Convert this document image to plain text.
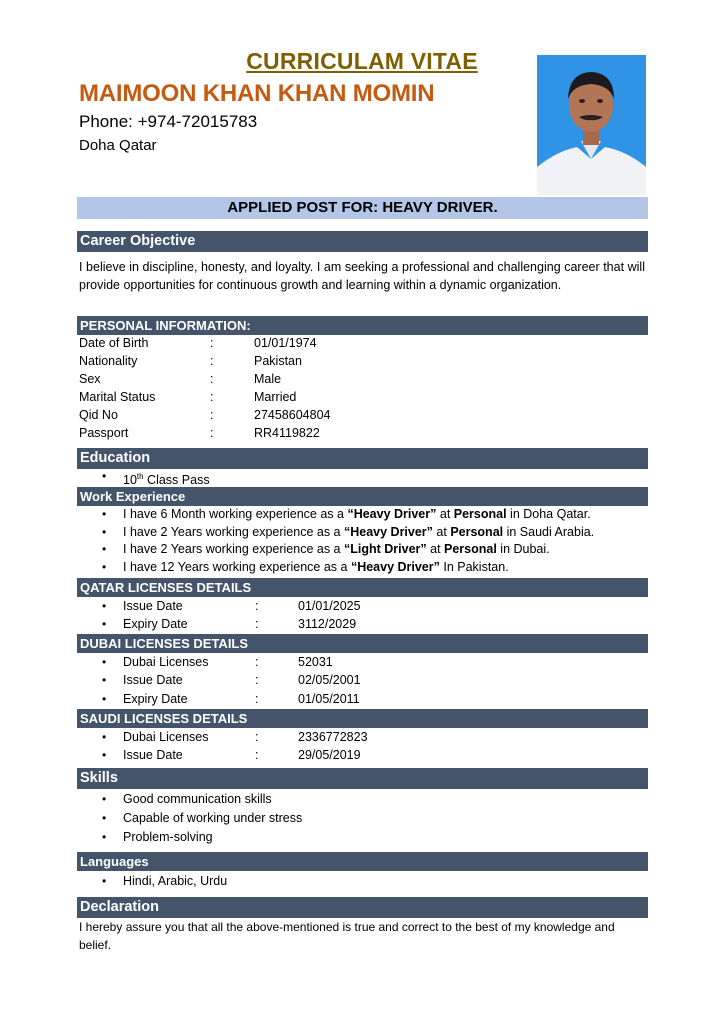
CURRICULAM VITAE
MAIMOON KHAN KHAN MOMIN
Phone: +974-72015783
Doha Qatar
APPLIED POST FOR: HEAVY DRIVER.
Career Objective
I believe in discipline, honesty, and loyalty. I am seeking a professional and challenging career that will provide opportunities for continuous growth and learning within a dynamic organization.
PERSONAL INFORMATION:
Date of Birth	:	01/01/1974
Nationality	:	Pakistan
Sex	:	Male
Marital Status	:	Married
Qid No	:	27458604804
Passport	:	RR4119822
Education
• 10th Class Pass
Work Experience
• I have 6 Month working experience as a “Heavy Driver” at Personal in Doha Qatar.
• I have 2 Years working experience as a “Heavy Driver” at Personal in Saudi Arabia.
• I have 2 Years working experience as a “Light Driver” at Personal in Dubai.
• I have 12 Years working experience as a “Heavy Driver” In Pakistan.
QATAR LICENSES DETAILS
• Issue Date	:	01/01/2025
• Expiry Date	:	3112/2029
DUBAI LICENSES DETAILS
• Dubai Licenses	:	52031
• Issue Date	:	02/05/2001
• Expiry Date	:	01/05/2011
SAUDI LICENSES DETAILS
• Dubai Licenses	:	2336772823
• Issue Date	:	29/05/2019
Skills
• Good communication skills
• Capable of working under stress
• Problem-solving
Languages
• Hindi, Arabic, Urdu
Declaration
I hereby assure you that all the above-mentioned is true and correct to the best of my knowledge and belief.
